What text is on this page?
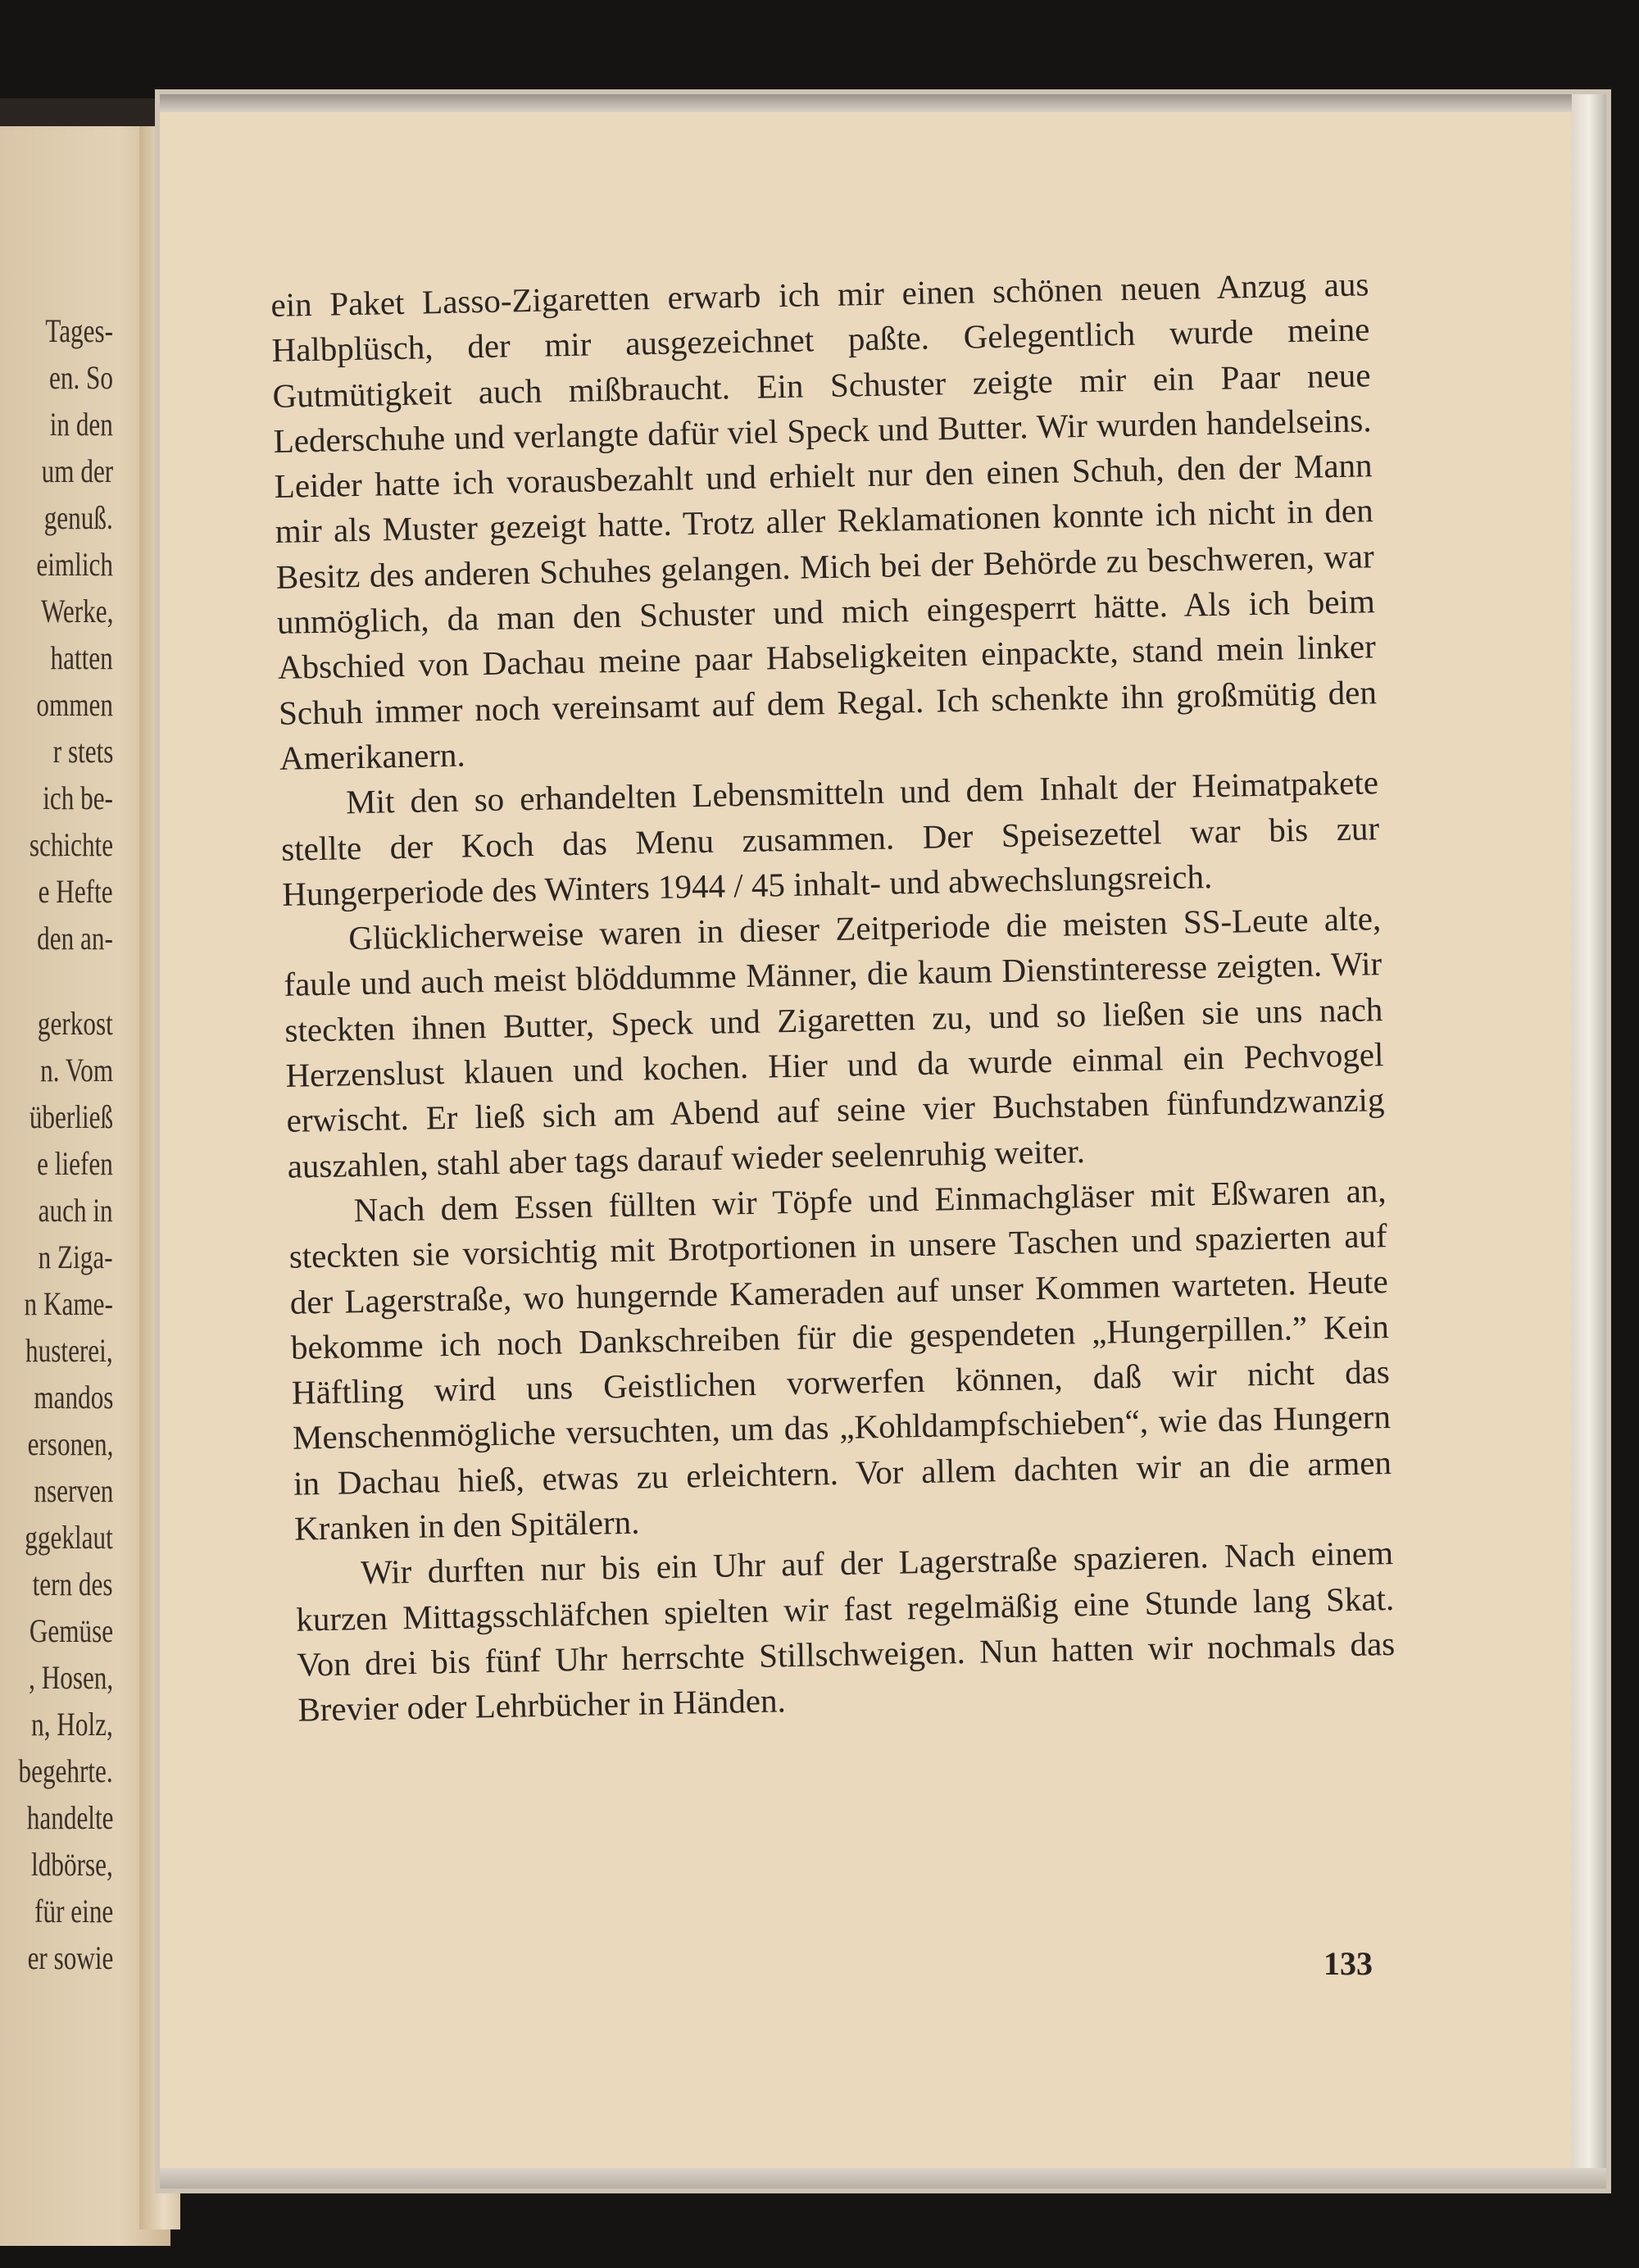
Tages-
en. So
in den
um der
genuß.
eimlich
Werke,
hatten
ommen
r stets
ich be-
schichte
e Hefte
den an-
gerkost
n. Vom
überließ
e liefen
auch in
n Ziga-
n Kame-
husterei,
mandos
ersonen,
nserven
ggeklaut
tern des
Gemüse
, Hosen,
n, Holz,
begehrte.
handelte
ldbörse,
für eine
er sowie

ein Paket Lasso-Zigaretten erwarb ich mir einen schönen neuen Anzug aus Halbplüsch, der mir ausgezeichnet paßte. Gelegentlich wurde meine Gutmütigkeit auch mißbraucht. Ein Schuster zeigte mir ein Paar neue Lederschuhe und verlangte dafür viel Speck und Butter. Wir wurden handelseins. Leider hatte ich vorausbezahlt und erhielt nur den einen Schuh, den der Mann mir als Muster gezeigt hatte. Trotz aller Reklamationen konnte ich nicht in den Besitz des anderen Schuhes gelangen. Mich bei der Behörde zu beschweren, war unmöglich, da man den Schuster und mich eingesperrt hätte. Als ich beim Abschied von Dachau meine paar Habseligkeiten einpackte, stand mein linker Schuh immer noch vereinsamt auf dem Regal. Ich schenkte ihn großmütig den Amerikanern.

Mit den so erhandelten Lebensmitteln und dem Inhalt der Heimatpakete stellte der Koch das Menu zusammen. Der Speisezettel war bis zur Hungerperiode des Winters 1944 / 45 inhalt- und abwechslungsreich.

Glücklicherweise waren in dieser Zeitperiode die meisten SS-Leute alte, faule und auch meist blöddumme Männer, die kaum Dienstinteresse zeigten. Wir steckten ihnen Butter, Speck und Zigaretten zu, und so ließen sie uns nach Herzenslust klauen und kochen. Hier und da wurde einmal ein Pechvogel erwischt. Er ließ sich am Abend auf seine vier Buchstaben fünfundzwanzig auszahlen, stahl aber tags darauf wieder seelenruhig weiter.

Nach dem Essen füllten wir Töpfe und Einmachgläser mit Eßwaren an, steckten sie vorsichtig mit Brotportionen in unsere Taschen und spazierten auf der Lagerstraße, wo hungernde Kameraden auf unser Kommen warteten. Heute bekomme ich noch Dankschreiben für die gespendeten „Hungerpillen.” Kein Häftling wird uns Geistlichen vorwerfen können, daß wir nicht das Menschenmögliche versuchten, um das „Kohldampfschieben“, wie das Hungern in Dachau hieß, etwas zu erleichtern. Vor allem dachten wir an die armen Kranken in den Spitälern.

Wir durften nur bis ein Uhr auf der Lagerstraße spazieren. Nach einem kurzen Mittagsschläfchen spielten wir fast regelmäßig eine Stunde lang Skat. Von drei bis fünf Uhr herrschte Stillschweigen. Nun hatten wir nochmals das Brevier oder Lehrbücher in Händen.

133
